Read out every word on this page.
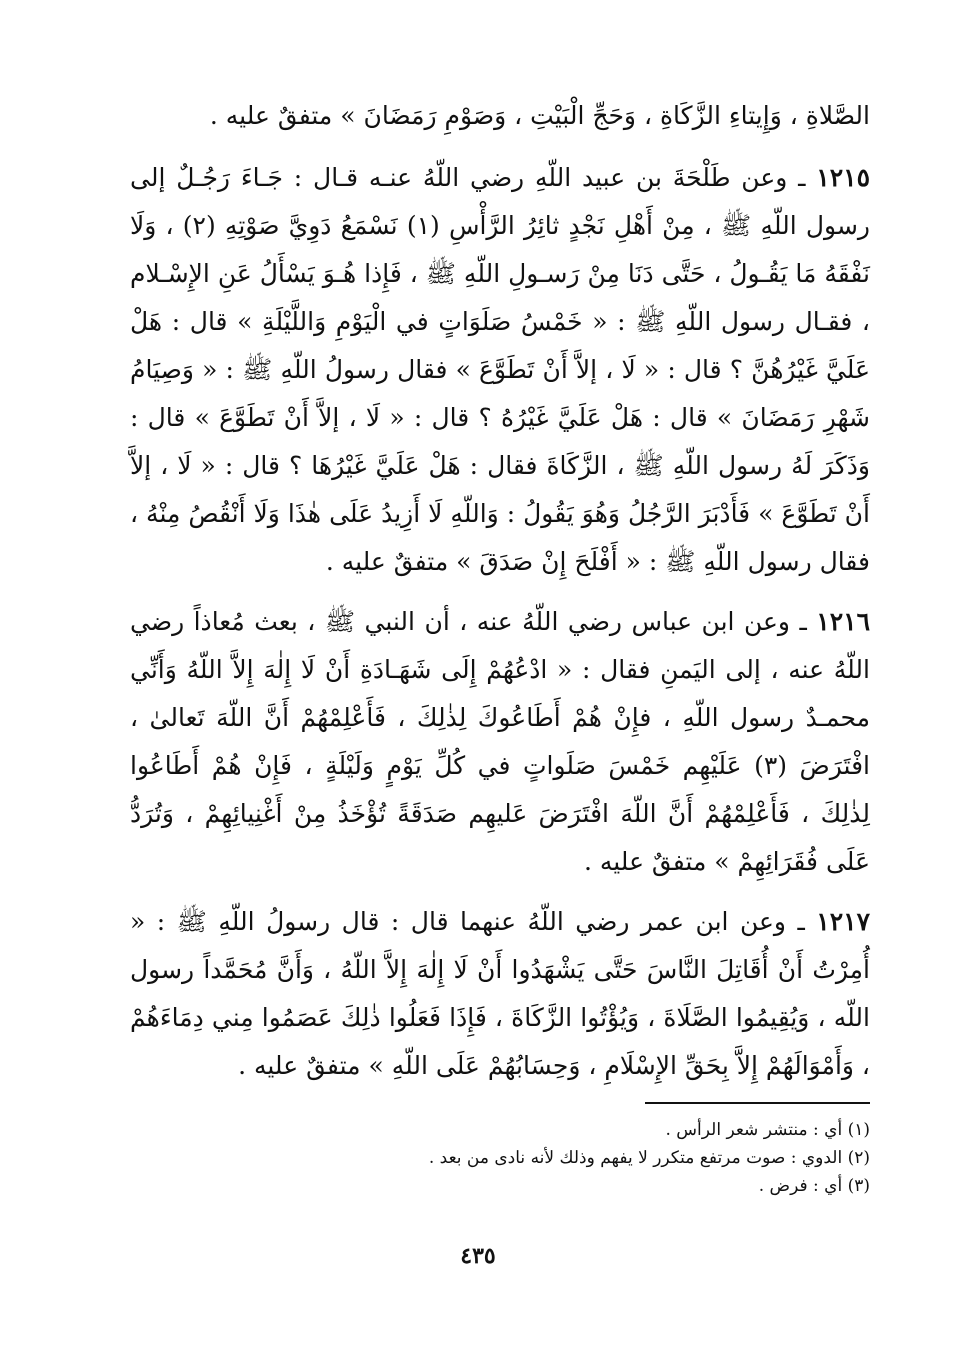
الصَّلاةِ ، وَإِيتاءِ الزَّكَاةِ ، وَحَجِّ الْبَيْتِ ، وَصَوْمِ رَمَضَانَ » متفقٌ عليه .

١٢١٥ ـ وعن طَلْحَةَ بن عبيد اللّهِ رضي اللّهُ عنـه قـال : جَـاءَ رَجُـلٌ إلى رسول اللّهِ ﷺ ، مِنْ أَهْلِ نَجْدٍ ثائِرُ الرَّأْسِ (١) نَسْمَعُ دَوِيَّ صَوْتِهِ (٢) ، وَلَا نَفْقَهُ مَا يَقُـولُ ، حَتَّى دَنَا مِنْ رَسـولِ اللّهِ ﷺ ، فَإِذا هُـوَ يَسْأَلُ عَنِ الإِسْـلام ، فقـال رسول اللّهِ ﷺ : « خَمْسُ صَلَوَاتٍ في الْيَوْمِ وَاللَّيْلَةِ » قال : هَلْ عَلَيَّ غَيْرُهُنَّ ؟ قال : « لَا ، إلاَّ أَنْ تَطَوَّعَ » فقال رسولُ اللّهِ ﷺ : « وَصِيَامُ شَهْرِ رَمَضَانَ » قال : هَلْ عَلَيَّ غَيْرُهُ ؟ قال : « لَا ، إلاَّ أَنْ تَطَوَّعَ » قال : وَذَكَرَ لَهُ رسول اللّهِ ﷺ ، الزَّكَاةَ فقال : هَلْ عَلَيَّ غَيْرُهَا ؟ قال : « لَا ، إلاَّ أَنْ تَطَوَّعَ » فَأَدْبَرَ الرَّجُلُ وَهُوَ يَقُولُ : وَاللّهِ لَا أَزِيدُ عَلَى هٰذَا وَلَا أَنْقُصُ مِنْهُ ، فقال رسول اللّهِ ﷺ : « أَفْلَحَ إِنْ صَدَقَ » متفقٌ عليه .

١٢١٦ ـ وعن ابن عباس رضي اللّهُ عنه ، أن النبي ﷺ ، بعث مُعاذاً رضي اللّهُ عنه ، إلى اليَمنِ فقال : « ادْعُهُمْ إِلَى شَهَـادَةِ أَنْ لَا إِلٰهَ إِلاَّ اللّهُ وَأَنِّي محمـدٌ رسول اللّهِ ، فإِنْ هُمْ أَطَاعُوكَ لِذٰلِكَ ، فَأَعْلِمْهُمْ أَنَّ اللّهَ تَعالىٰ ، افْتَرَضَ (٣) عَلَيْهِم خَمْسَ صَلَواتٍ في كُلِّ يَوْمٍ وَلَيْلَةٍ ، فَإِنْ هُمْ أَطَاعُوا لِذٰلِكَ ، فَأَعْلِمْهُمْ أَنَّ اللّهَ افْتَرَضَ عَليهِم صَدَقَةً تُؤْخَذُ مِنْ أَغْنِيائِهِمْ ، وَتُرَدُّ عَلَى فُقَرَائِهِمْ » متفقٌ عليه .

١٢١٧ ـ وعن ابن عمر رضي اللّهُ عنهما قال : قال رسولُ اللّهِ ﷺ : « أُمِرْتُ أَنْ أُقَاتِلَ النَّاسَ حَتَّى يَشْهَدُوا أَنْ لَا إِلٰهَ إِلاَّ اللّهُ ، وَأَنَّ مُحَمَّداً رسول اللّه ، وَيُقِيمُوا الصَّلَاةَ ، وَيُؤْتُوا الزَّكَاةَ ، فَإِذَا فَعَلُوا ذٰلِكَ عَصَمُوا مِني دِمَاءَهُمْ ، وَأَمْوَالَهُمْ إِلاَّ بِحَقِّ الإِسْلَامِ ، وَحِسَابُهُمْ عَلَى اللّهِ » متفقٌ عليه .

(١) أي : منتشر شعر الرأس .
(٢) الدوي : صوت مرتفع متكرر لا يفهم وذلك لأنه نادى من بعد .
(٣) أي : فرض .
٤٣٥
